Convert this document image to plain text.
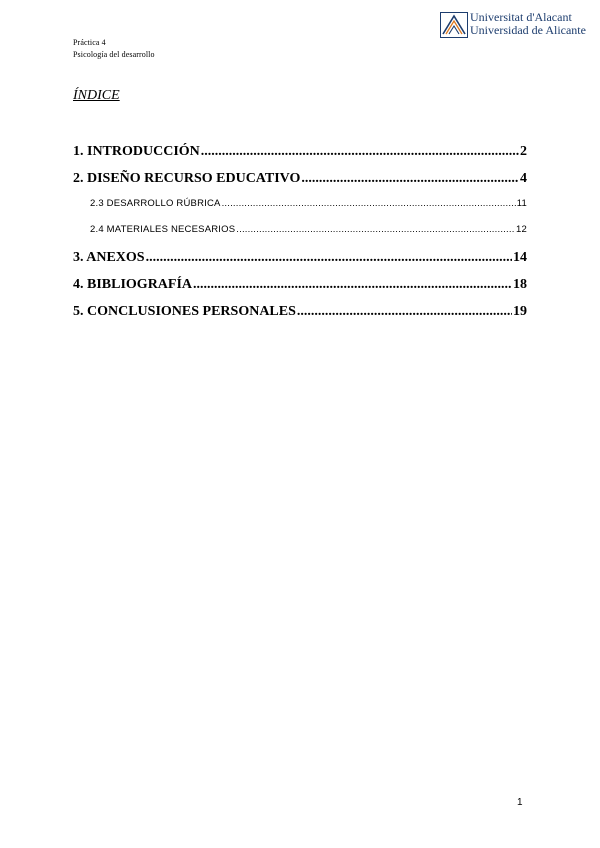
Práctica 4
Psicología del desarrollo
Universitat d'Alacant
Universidad de Alicante
ÍNDICE
1. INTRODUCCIÓN .....	2
2. DISEÑO RECURSO EDUCATIVO .....	4
2.3 DESARROLLO RÚBRICA .....	11
2.4 MATERIALES NECESARIOS .....	12
3. ANEXOS .....	14
4. BIBLIOGRAFÍA .....	18
5. CONCLUSIONES PERSONALES .....	19
1
